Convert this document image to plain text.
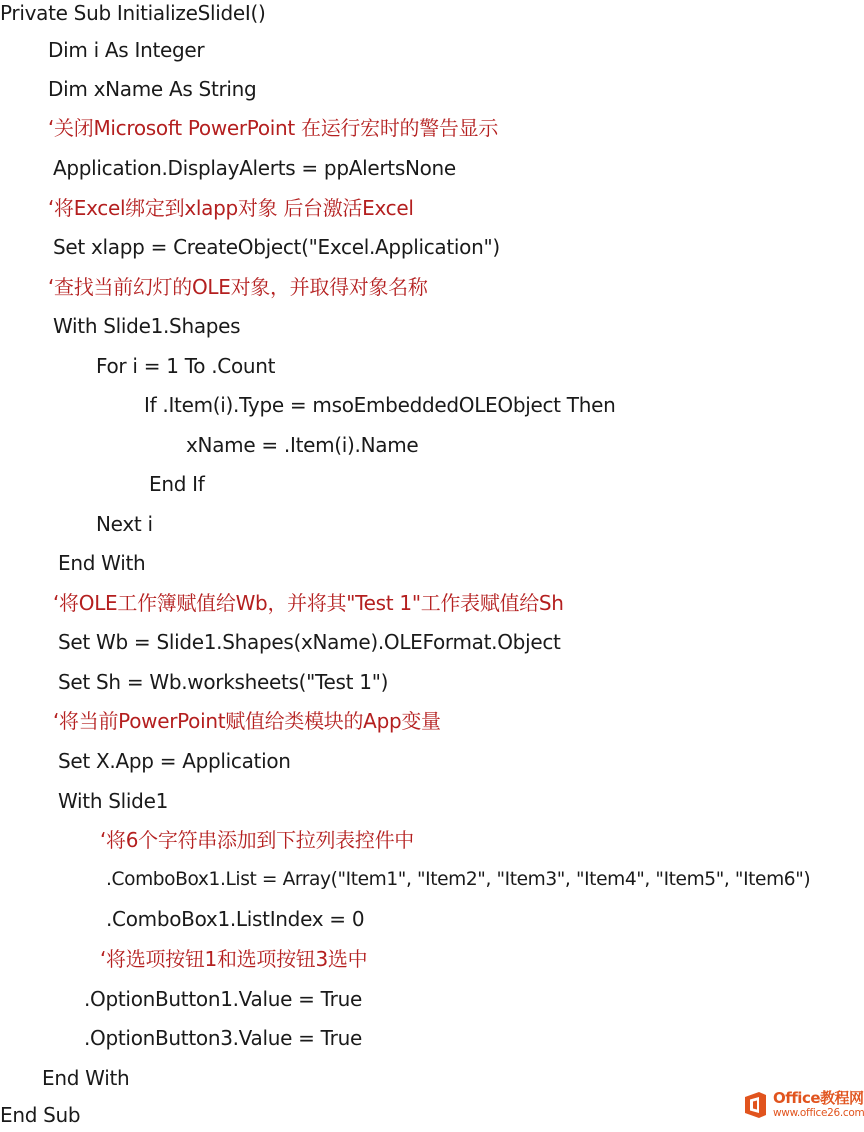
Private Sub InitializeSlideI()
Dim i As Integer
Dim xName As String
‘关闭Microsoft PowerPoint 在运行宏时的警告显示
Application.DisplayAlerts = ppAlertsNone
‘将Excel绑定到xlapp对象 后台激活Excel
Set xlapp = CreateObject("Excel.Application")
‘查找当前幻灯的OLE对象，并取得对象名称
With Slide1.Shapes
For i = 1 To .Count
If .Item(i).Type = msoEmbeddedOLEObject Then
xName = .Item(i).Name
End If
Next i
End With
‘将OLE工作簿赋值给Wb，并将其"Test 1"工作表赋值给Sh
Set Wb = Slide1.Shapes(xName).OLEFormat.Object
Set Sh = Wb.worksheets("Test 1")
‘将当前PowerPoint赋值给类模块的App变量
Set X.App = Application
With Slide1
‘将6个字符串添加到下拉列表控件中
.ComboBox1.List = Array("Item1", "Item2", "Item3", "Item4", "Item5", "Item6")
.ComboBox1.ListIndex = 0
‘将选项按钮1和选项按钮3选中
.OptionButton1.Value = True
.OptionButton3.Value = True
End With
End Sub
Office教程网
www.office26.com
